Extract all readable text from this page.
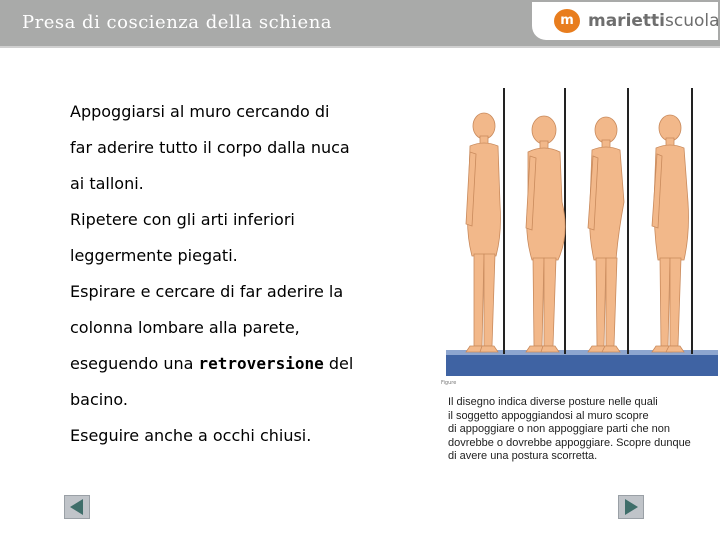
Presa di coscienza della schiena	m mariettiscuola

Appoggiarsi al muro cercando di

far aderire tutto il corpo dalla nuca

ai talloni.

Ripetere con gli arti inferiori

leggermente piegati.

Espirare e cercare di far aderire la

colonna lombare alla parete,

eseguendo una retroversione del

bacino.

Eseguire anche a occhi chiusi.

Figure

Il disegno indica diverse posture nelle quali

il soggetto appoggiandosi al muro scopre

di appoggiare o non appoggiare parti che non

dovrebbe o dovrebbe appoggiare. Scopre dunque

di avere una postura scorretta.
